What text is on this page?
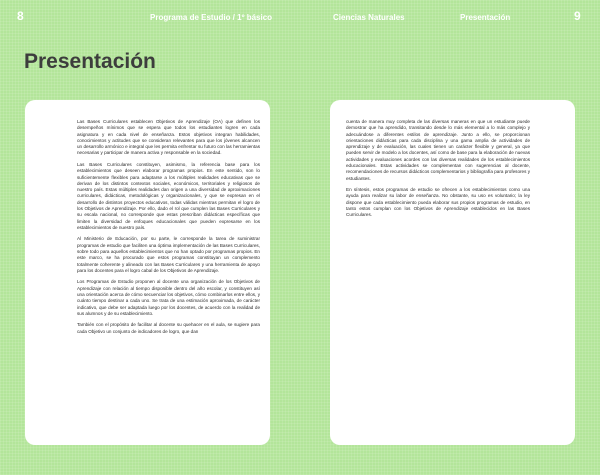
8	Programa de Estudio / 1º básico	Ciencias Naturales	Presentación	9
Presentación

Las Bases Curriculares establecen Objetivos de Aprendizaje (OA) que definen los desempeños mínimos que se espera que todos los estudiantes logren en cada asignatura y en cada nivel de enseñanza. Estos objetivos integran habilidades, conocimientos y actitudes que se consideran relevantes para que los jóvenes alcancen un desarrollo armónico e integral que les permita enfrentar su futuro con las herramientas necesarias y participar de manera activa y responsable en la sociedad.

Las Bases Curriculares constituyen, asimismo, la referencia base para los establecimientos que deseen elaborar programas propios. En este sentido, son lo suficientemente flexibles para adaptarse a los múltiples realidades educativas que se derivan de los distintos contextos sociales, económicos, territoriales y religiosos de nuestro país. Estas múltiples realidades dan origen a una diversidad de aproximaciones curriculares, didácticas, metodológicas y organizacionales, y que se expresan en el desarrollo de distintos proyectos educativos, todas válidas mientras permitan el logro de los Objetivos de Aprendizaje. Por ello, dado el rol que cumplen las Bases Curriculares y su escala nacional, no corresponde que estas prescriban didácticas específicas que limiten la diversidad de enfoques educacionales que pueden expresarse en los establecimientos de nuestro país.

Al Ministerio de Educación, por su parte, le corresponde la tarea de suministrar programas de estudio que faciliten una óptima implementación de las Bases Curriculares, sobre todo para aquellos establecimientos que no han optado por programas propios. En este marco, se ha procurado que estos programas constituyan un complemento totalmente coherente y alineado con las Bases Curriculares y una herramienta de apoyo para los docentes para el logro cabal de los Objetivos de Aprendizaje.

Los Programas de Estudio proponen al docente una organización de los Objetivos de Aprendizaje con relación al tiempo disponible dentro del año escolar, y constituyen así una orientación acerca de cómo secuenciar los objetivos, cómo combinarlos entre ellos, y cuánto tiempo destinar a cada uno. Se trata de una estimación aproximada, de carácter indicativo, que debe ser adaptada luego por los docentes, de acuerdo con la realidad de sus alumnos y de su establecimiento.

También con el propósito de facilitar al docente su quehacer en el aula, se sugiere para cada Objetivo un conjunto de indicadores de logro, que dan

cuenta de manera muy completa de las diversas maneras en que un estudiante puede demostrar que ha aprendido, transitando desde lo más elemental a lo más complejo y adecuándose a diferentes estilos de aprendizaje. Junto a ello, se proporcionan orientaciones didácticas para cada disciplina y una gama amplia de actividades de aprendizaje y de evaluación, las cuales tienen un carácter flexible y general, ya que pueden servir de modelo a los docentes, así como de base para la elaboración de nuevas actividades y evaluaciones acordes con las diversas realidades de los establecimientos educacionales. Estas actividades se complementan con sugerencias al docente, recomendaciones de recursos didácticos complementarios y bibliografía para profesores y estudiantes.

En síntesis, estos programas de estudio se ofrecen a los establecimientos como una ayuda para realizar su labor de enseñanza. No obstante, su uso es voluntario; la ley dispone que cada establecimiento pueda elaborar sus propios programas de estudio, en tanto estos cumplan con los Objetivos de Aprendizaje establecidos en las Bases Curriculares.
